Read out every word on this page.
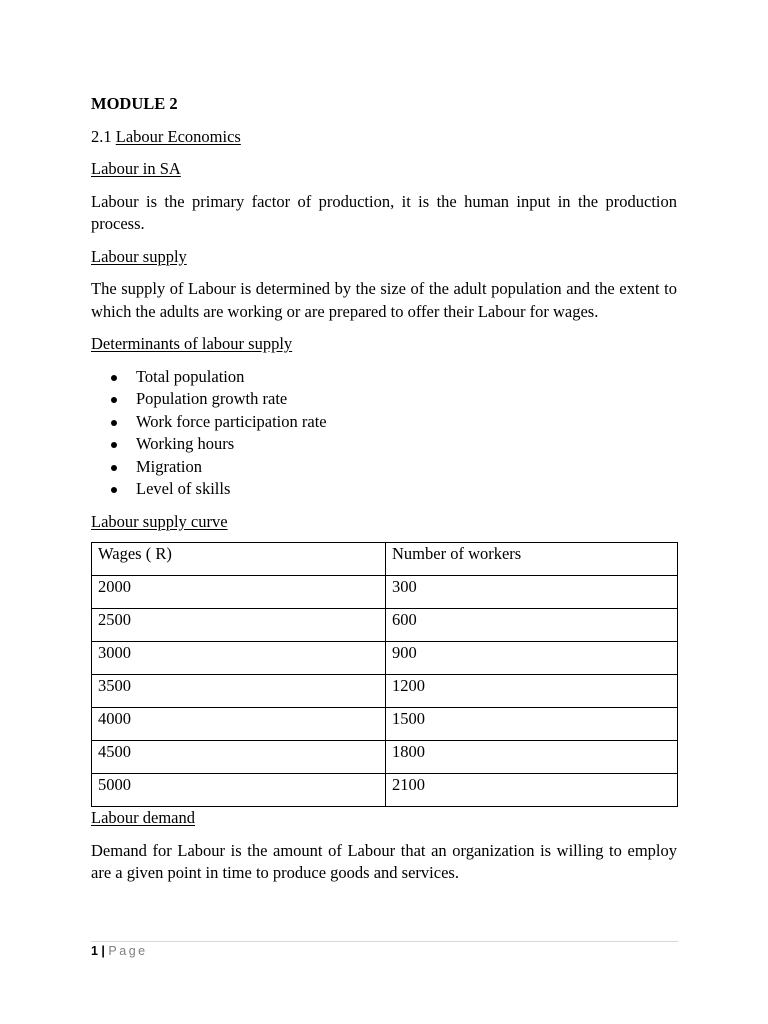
MODULE 2

2.1 Labour Economics

Labour in SA

Labour is the primary factor of production, it is the human input in the production process.

Labour supply

The supply of Labour is determined by the size of the adult population and the extent to which the adults are working or are prepared to offer their Labour for wages.

Determinants of labour supply

Total population
Population growth rate
Work force participation rate
Working hours
Migration
Level of skills

Labour supply curve

Wages ( R)	Number of workers
2000	300
2500	600
3000	900
3500	1200
4000	1500
4500	1800
5000	2100

Labour demand

Demand for Labour is the amount of Labour that an organization is willing to employ are a given point in time to produce goods and services.

1 | Page
